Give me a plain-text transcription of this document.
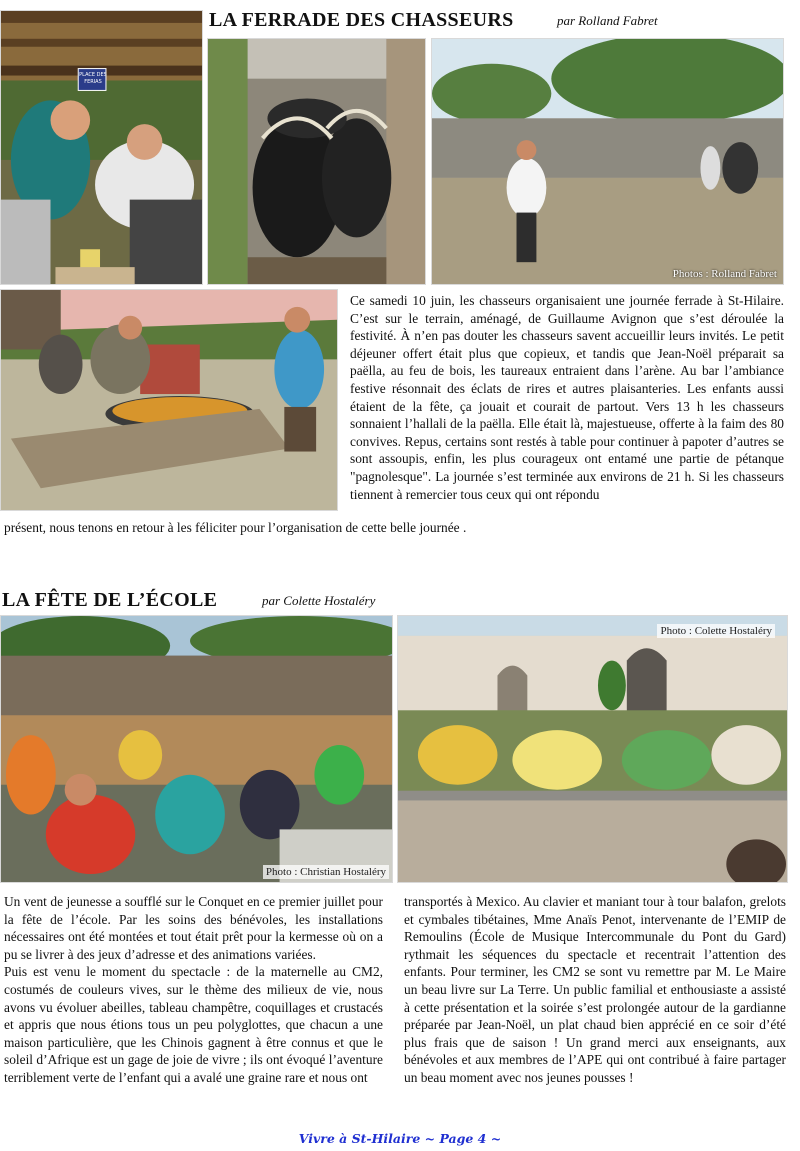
LA FERRADE DES CHASSEURS	par Rolland Fabret
PLACE DES FERIAS
Photos : Rolland Fabret

Ce samedi 10 juin, les chasseurs organisaient une journée ferrade à St-Hilaire. C’est sur le terrain, aménagé, de Guillaume Avignon que s’est déroulée la festivité. À n’en pas douter les chasseurs savent accueillir leurs invités. Le petit déjeuner offert était plus que copieux, et tandis que Jean-Noël préparait sa paëlla, au feu de bois, les taureaux entraient dans l’arène. Au bar l’ambiance festive résonnait des éclats de rires et autres plaisanteries. Les enfants aussi étaient de la fête, ça jouait et courait de partout. Vers 13 h les chasseurs sonnaient l’hallali de la paëlla. Elle était là, majestueuse, offerte à la faim des 80 convives. Repus, certains sont restés à table pour continuer à papoter d’autres se sont assoupis, enfin, les plus courageux ont entamé une partie de pétanque "pagnolesque". La journée s’est terminée aux environs de 21 h. Si les chasseurs tiennent à remercier tous ceux qui ont répondu

présent, nous tenons en retour à les féliciter pour l’organisation de cette belle journée .

LA FÊTE DE L’ÉCOLE	par Colette Hostaléry
Photo : Christian Hostaléry
Photo : Colette Hostaléry

Un vent de jeunesse a soufflé sur le Conquet en ce premier juillet pour la fête de l’école. Par les soins des bénévoles, les installations nécessaires ont été montées et tout était prêt pour la kermesse où on a pu se livrer à des jeux d’adresse et des animations variées.

Puis est venu le moment du spectacle : de la maternelle au CM2, costumés de couleurs vives, sur le thème des milieux de vie, nous avons vu évoluer abeilles, tableau champêtre, coquillages et crustacés et appris que nous étions tous un peu polyglottes, que chacun a une maison particulière, que les Chinois gagnent à être connus et que le soleil d’Afrique est un gage de joie de vivre ; ils ont évoqué l’aventure terriblement verte de l’enfant qui a avalé une graine rare et nous ont

transportés à Mexico. Au clavier et maniant tour à tour balafon, grelots et cymbales tibétaines, Mme Anaïs Penot, intervenante de l’EMIP de Remoulins (École de Musique Intercommunale du Pont du Gard) rythmait les séquences du spectacle et recentrait l’attention des enfants. Pour terminer, les CM2 se sont vu remettre par M. Le Maire un beau livre sur La Terre. Un public familial et enthousiaste a assisté à cette présentation et la soirée s’est prolongée autour de la gardianne préparée par Jean-Noël, un plat chaud bien apprécié en ce soir d’été plus frais que de saison ! Un grand merci aux enseignants, aux bénévoles et aux membres de l’APE qui ont contribué à faire partager un beau moment avec nos jeunes pousses !

Vivre à St-Hilaire ~ Page 4 ~
